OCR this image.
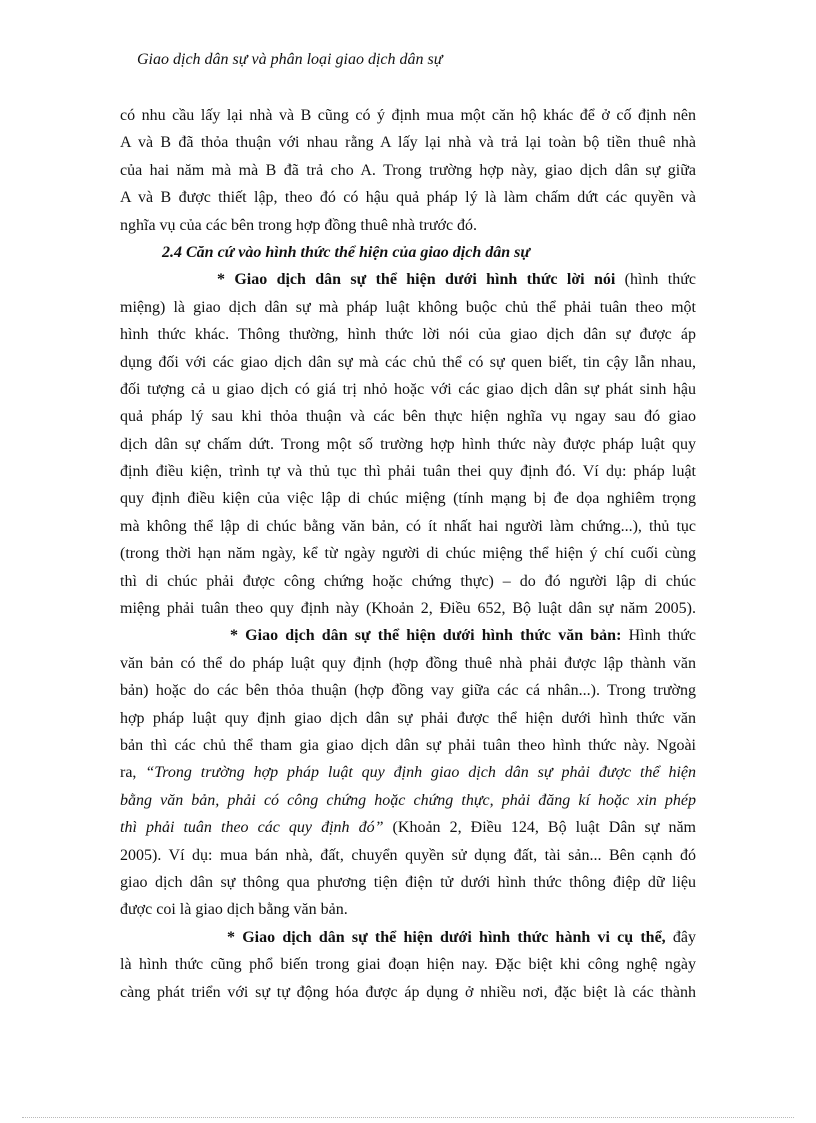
Giao dịch dân sự và phân loại giao dịch dân sự
có nhu cầu lấy lại nhà và B cũng có ý định mua một căn hộ khác để ở cố định nên
A và B đã thỏa thuận với nhau rằng A lấy lại nhà và trả lại toàn bộ tiền thuê nhà
của hai năm mà mà B đã trả cho A. Trong trường hợp này, giao dịch dân sự giữa
A và B được thiết lập, theo đó có hậu quả pháp lý là làm chấm dứt các quyền và
nghĩa vụ của các bên trong hợp đồng thuê nhà trước đó.
2.4 Căn cứ vào hình thức thể hiện của giao dịch dân sự
* Giao dịch dân sự thể hiện dưới hình thức lời nói (hình thức
miệng) là giao dịch dân sự mà pháp luật không buộc chủ thể phải tuân theo một
hình thức khác. Thông thường, hình thức lời nói của giao dịch dân sự được áp
dụng đối với các giao dịch dân sự mà các chủ thể có sự quen biết, tin cậy lẫn nhau,
đối tượng cả u giao dịch có giá trị nhỏ hoặc với các giao dịch dân sự phát sinh hậu
quả pháp lý sau khi thỏa thuận và các bên thực hiện nghĩa vụ ngay sau đó giao
dịch dân sự chấm dứt. Trong một số trường hợp hình thức này được pháp luật quy
định điều kiện, trình tự và thủ tục thì phải tuân thei quy định đó. Ví dụ: pháp luật
quy định điều kiện của việc lập di chúc miệng (tính mạng bị đe dọa nghiêm trọng
mà không thể lập di chúc bằng văn bản, có ít nhất hai người làm chứng...), thủ tục
(trong thời hạn năm ngày, kể từ ngày người di chúc miệng thể hiện ý chí cuối cùng
thì di chúc phải được công chứng hoặc chứng thực) – do đó người lập di chúc
miệng phải tuân theo quy định này (Khoản 2, Điều 652, Bộ luật dân sự năm 2005).
* Giao dịch dân sự thể hiện dưới hình thức văn bản: Hình thức
văn bản có thể do pháp luật quy định (hợp đồng thuê nhà phải được lập thành văn
bản) hoặc do các bên thỏa thuận (hợp đồng vay giữa các cá nhân...). Trong trường
hợp pháp luật quy định giao dịch dân sự phải được thể hiện dưới hình thức văn
bản thì các chủ thể tham gia giao dịch dân sự phải tuân theo hình thức này. Ngoài
ra, “Trong trường hợp pháp luật quy định giao dịch dân sự phải được thể hiện
bằng văn bản, phải có công chứng hoặc chứng thực, phải đăng kí hoặc xin phép
thì phải tuân theo các quy định đó” (Khoản 2, Điều 124, Bộ luật Dân sự năm
2005). Ví dụ: mua bán nhà, đất, chuyển quyền sử dụng đất, tài sản... Bên cạnh đó
giao dịch dân sự thông qua phương tiện điện tử dưới hình thức thông điệp dữ liệu
được coi là giao dịch bằng văn bản.
* Giao dịch dân sự thể hiện dưới hình thức hành vi cụ thể, đây
là hình thức cũng phổ biến trong giai đoạn hiện nay. Đặc biệt khi công nghệ ngày
càng phát triển với sự tự động hóa được áp dụng ở nhiều nơi, đặc biệt là các thành
